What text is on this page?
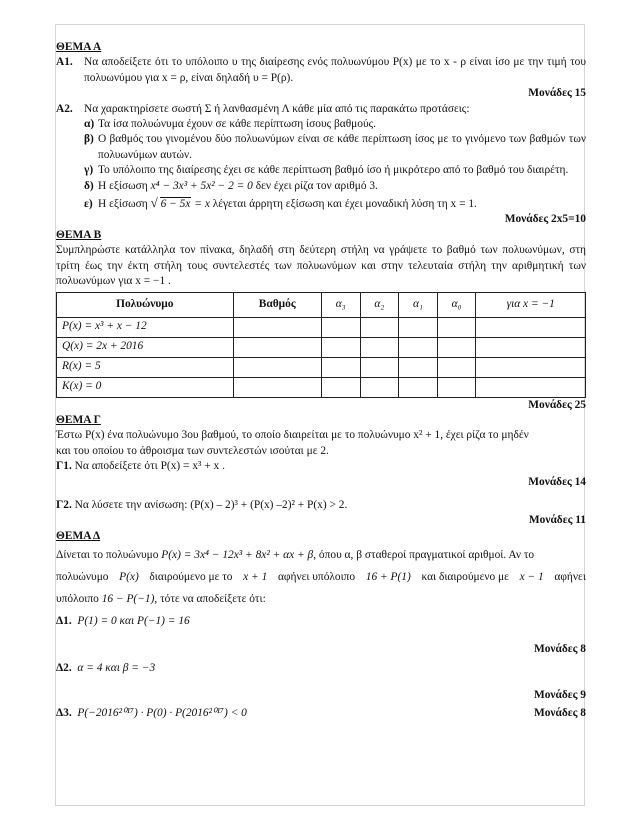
ΘΕΜΑ Α
Α1. Να αποδείξετε ότι το υπόλοιπο υ της διαίρεσης ενός πολυωνύμου P(x) με το x - ρ είναι ίσο με την τιμή του πολυωνύμου για x = ρ, είναι δηλαδή υ = P(ρ).
Μονάδες 15
Α2. Να χαρακτηρίσετε σωστή Σ ή λανθασμένη Λ κάθε μία από τις παρακάτω προτάσεις:
α) Τα ίσα πολυώνυμα έχουν σε κάθε περίπτωση ίσους βαθμούς.
β) Ο βαθμός του γινομένου δύο πολυωνύμων είναι σε κάθε περίπτωση ίσος με το γινόμενο των βαθμών των πολυωνύμων αυτών.
γ) Το υπόλοιπο της διαίρεσης έχει σε κάθε περίπτωση βαθμό ίσο ή μικρότερο από το βαθμό του διαιρέτη.
δ) Η εξίσωση x⁴ − 3x³ + 5x² − 2 = 0 δεν έχει ρίζα τον αριθμό 3.
ε) Η εξίσωση √ 6 − 5x = x λέγεται άρρητη εξίσωση και έχει μοναδική λύση τη x = 1.
Μονάδες 2x5=10
ΘΕΜΑ Β
Συμπληρώστε κατάλληλα τον πίνακα, δηλαδή στη δεύτερη στήλη να γράψετε το βαθμό των πολυωνύμων, στη τρίτη έως την έκτη στήλη τους συντελεστές των πολυωνύμων και στην τελευταία στήλη την αριθμητική των πολυωνύμων για x = −1 .
Πολυώνυμο	Βαθμός	α₃	α₂	α₁	α₀	για x = −1
P(x) = x³ + x − 12						
Q(x) = 2x + 2016						
R(x) = 5						
K(x) = 0						
Μονάδες 25
ΘΕΜΑ Γ
Έστω P(x) ένα πολυώνυμο 3ου βαθμού, το οποίο διαιρείται με το πολυώνυμο x² + 1, έχει ρίζα το μηδέν
και του οποίου το άθροισμα των συντελεστών ισούται με 2.
Γ1. Να αποδείξετε ότι P(x) = x³ + x .
Μονάδες 14
Γ2. Να λύσετε την ανίσωση: (P(x) – 2)³ + (P(x) –2)² + P(x) > 2.
Μονάδες 11
ΘΕΜΑ Δ
Δίνεται το πολυώνυμο P(x) = 3x⁴ − 12x³ + 8x² + αx + β, όπου α, β σταθεροί πραγματικοί αριθμοί. Αν το
πολυώνυμο P(x) διαιρούμενο με το x + 1 αφήνει υπόλοιπο 16 + P(1) και διαιρούμενο με x − 1 αφήνει
υπόλοιπο 16 − P(−1), τότε να αποδείξετε ότι:
Δ1. P(1) = 0 και P(−1) = 16
Μονάδες 8
Δ2. α = 4 και β = −3
Μονάδες 9
Δ3. P(−2016²⁰¹⁷) · P(0) · P(2016²⁰¹⁷) < 0	Μονάδες 8
